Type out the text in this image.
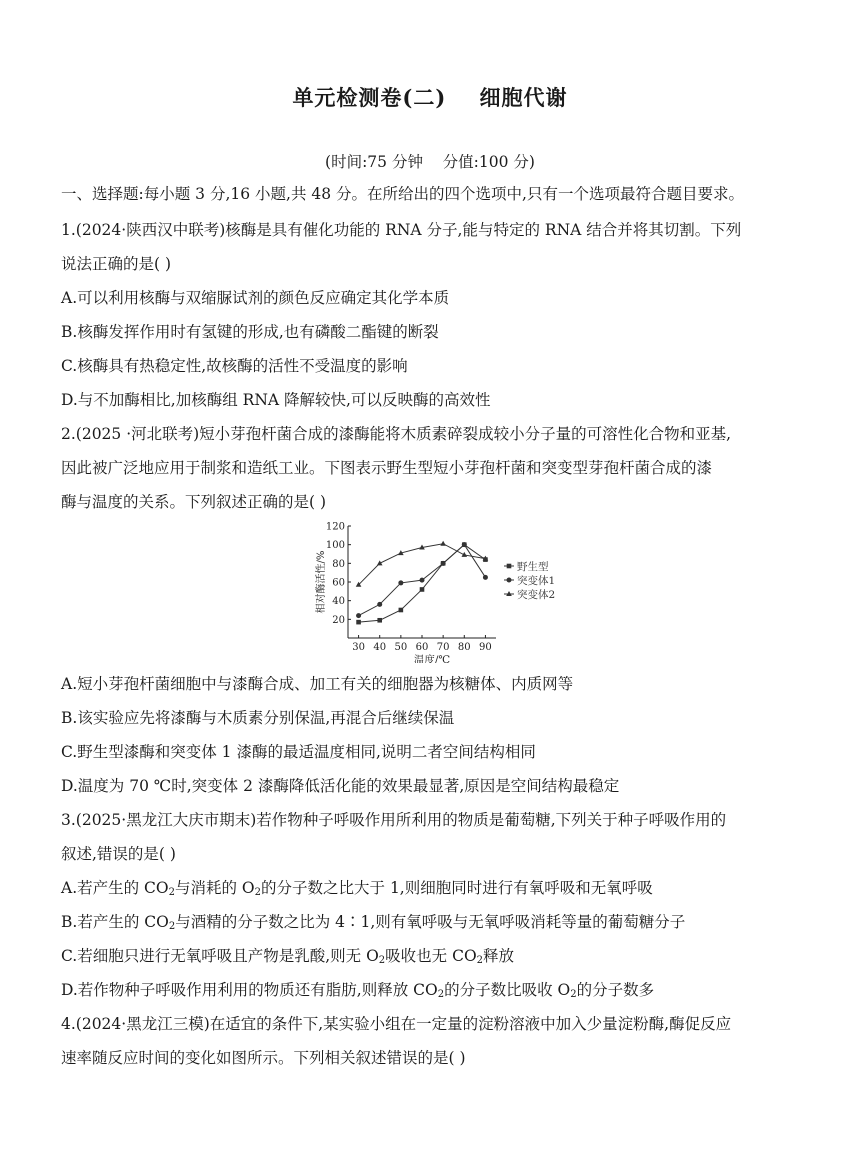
单元检测卷(二)    细胞代谢
(时间:75 分钟    分值:100 分)
一、选择题:每小题 3 分,16 小题,共 48 分。在所给出的四个选项中,只有一个选项最符合题目要求。
1.(2024·陕西汉中联考)核酶是具有催化功能的 RNA 分子,能与特定的 RNA 结合并将其切割。下列
说法正确的是( )
A.可以利用核酶与双缩脲试剂的颜色反应确定其化学本质
B.核酶发挥作用时有氢键的形成,也有磷酸二酯键的断裂
C.核酶具有热稳定性,故核酶的活性不受温度的影响
D.与不加酶相比,加核酶组 RNA 降解较快,可以反映酶的高效性
2.(2025 ·河北联考)短小芽孢杆菌合成的漆酶能将木质素碎裂成较小分子量的可溶性化合物和亚基,
因此被广泛地应用于制浆和造纸工业。下图表示野生型短小芽孢杆菌和突变型芽孢杆菌合成的漆
酶与温度的关系。下列叙述正确的是( )
20
40
60
80
100
120
30 40 50 60 70 80 90
温度/℃
相对酶活性/%	野生型
突变体1
突变体2
A.短小芽孢杆菌细胞中与漆酶合成、加工有关的细胞器为核糖体、内质网等
B.该实验应先将漆酶与木质素分别保温,再混合后继续保温
C.野生型漆酶和突变体 1 漆酶的最适温度相同,说明二者空间结构相同
D.温度为 70 ℃时,突变体 2 漆酶降低活化能的效果最显著,原因是空间结构最稳定
3.(2025·黑龙江大庆市期末)若作物种子呼吸作用所利用的物质是葡萄糖,下列关于种子呼吸作用的
叙述,错误的是( )
A.若产生的 $CO_2$与消耗的 $O_2$的分子数之比大于 1,则细胞同时进行有氧呼吸和无氧呼吸
B.若产生的 $CO_2$与酒精的分子数之比为 4∶1,则有氧呼吸与无氧呼吸消耗等量的葡萄糖分子
C.若细胞只进行无氧呼吸且产物是乳酸,则无 $O_2$吸收也无 $CO_2$释放
D.若作物种子呼吸作用利用的物质还有脂肪,则释放 $CO_2$的分子数比吸收 $O_2$的分子数多
4.(2024·黑龙江三模)在适宜的条件下,某实验小组在一定量的淀粉溶液中加入少量淀粉酶,酶促反应
速率随反应时间的变化如图所示。下列相关叙述错误的是( )
